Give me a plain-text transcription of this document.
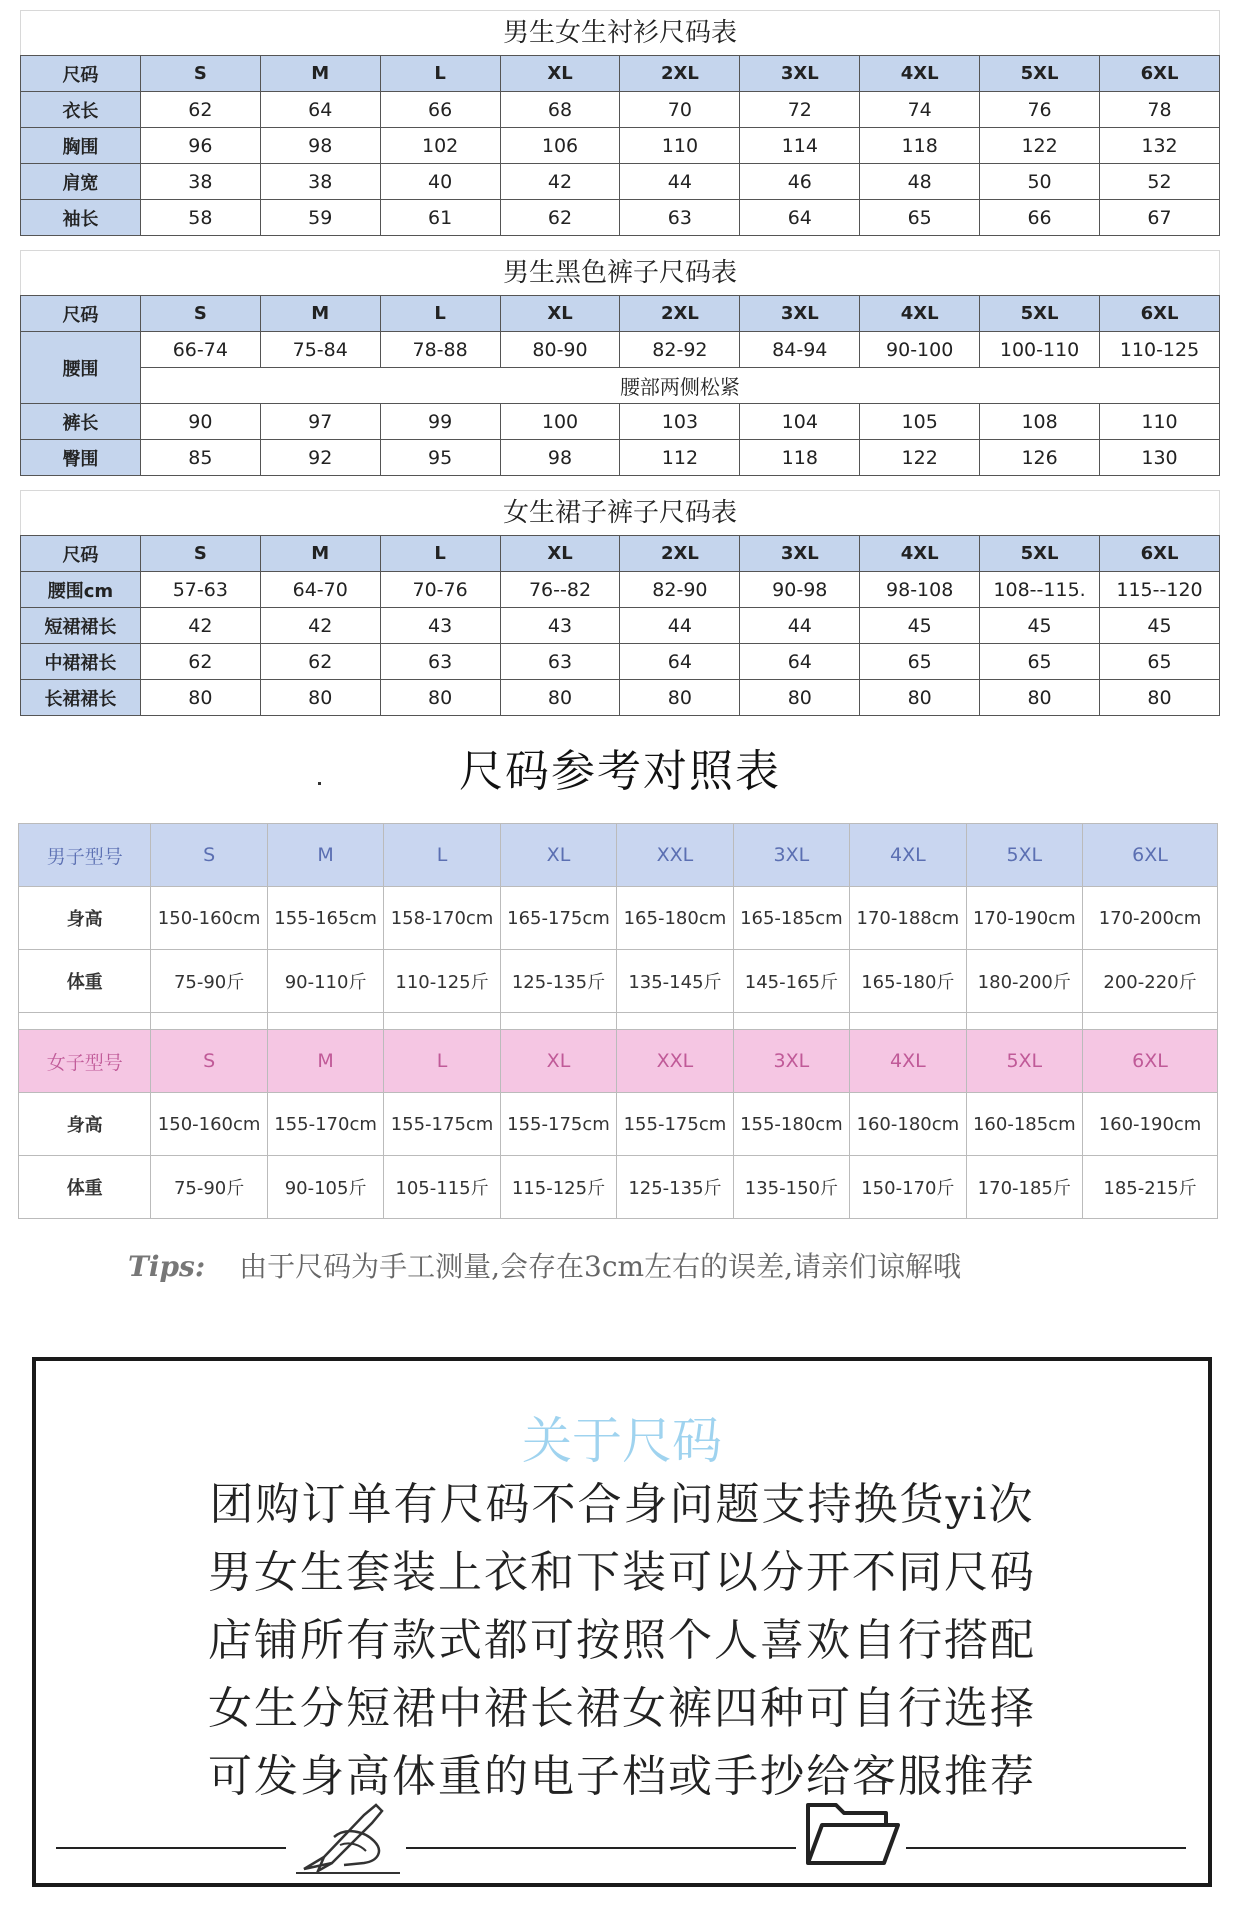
男生女生衬衫尺码表
尺码	S	M	L	XL	2XL	3XL	4XL	5XL	6XL
衣长	62	64	66	68	70	72	74	76	78
胸围	96	98	102	106	110	114	118	122	132
肩宽	38	38	40	42	44	46	48	50	52
袖长	58	59	61	62	63	64	65	66	67
男生黑色裤子尺码表
尺码	S	M	L	XL	2XL	3XL	4XL	5XL	6XL
腰围	66-74	75-84	78-88	80-90	82-92	84-94	90-100	100-110	110-125
	腰部两侧松紧								
裤长	90	97	99	100	103	104	105	108	110
臀围	85	92	95	98	112	118	122	126	130
女生裙子裤子尺码表
尺码	S	M	L	XL	2XL	3XL	4XL	5XL	6XL
腰围cm	57-63	64-70	70-76	76--82	82-90	90-98	98-108	108--115.	115--120
短裙裙长	42	42	43	43	44	44	45	45	45
中裙裙长	62	62	63	63	64	64	65	65	65
长裙裙长	80	80	80	80	80	80	80	80	80
尺码参考对照表
男子型号	S	M	L	XL	XXL	3XL	4XL	5XL	6XL
身高	150-160cm	155-165cm	158-170cm	165-175cm	165-180cm	165-185cm	170-188cm	170-190cm	170-200cm
体重	75-90斤	90-110斤	110-125斤	125-135斤	135-145斤	145-165斤	165-180斤	180-200斤	200-220斤

女子型号	S	M	L	XL	XXL	3XL	4XL	5XL	6XL
身高	150-160cm	155-170cm	155-175cm	155-175cm	155-175cm	155-180cm	160-180cm	160-185cm	160-190cm
体重	75-90斤	90-105斤	105-115斤	115-125斤	125-135斤	135-150斤	150-170斤	170-185斤	185-215斤
Tips: 由于尺码为手工测量,会存在3cm左右的误差,请亲们谅解哦
关于尺码
团购订单有尺码不合身问题支持换货yi次
男女生套装上衣和下装可以分开不同尺码
店铺所有款式都可按照个人喜欢自行搭配
女生分短裙中裙长裙女裤四种可自行选择
可发身高体重的电子档或手抄给客服推荐
